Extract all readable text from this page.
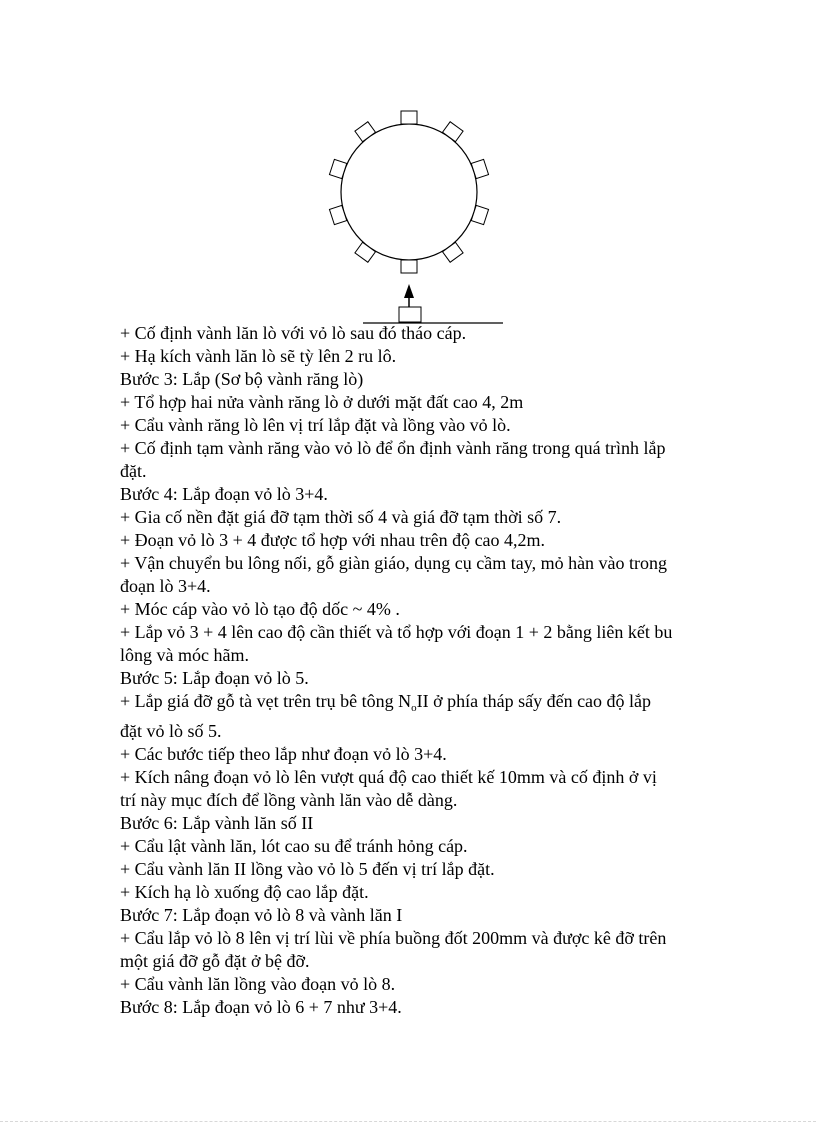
+ Cố định vành lăn lò với vỏ lò sau đó tháo cáp.

+ Hạ kích vành lăn lò sẽ tỳ lên 2 ru lô.

Bước 3: Lắp (Sơ bộ vành răng lò)

+ Tổ hợp hai nửa vành răng lò ở dưới mặt đất cao 4, 2m

+ Cẩu vành răng lò lên vị trí lắp đặt và lồng vào vỏ lò.

+ Cố định tạm vành răng vào vỏ lò để ổn định vành răng trong quá trình lắp

đặt.

Bước 4: Lắp đoạn vỏ lò 3+4.

+ Gia cố nền đặt giá đỡ tạm thời số 4 và giá đỡ tạm thời số 7.

+ Đoạn vỏ lò 3 + 4 được tổ hợp với nhau trên độ cao 4,2m.

+ Vận chuyển bu lông nối, gỗ giàn giáo, dụng cụ cầm tay, mỏ hàn vào trong

đoạn lò 3+4.

+ Móc cáp vào vỏ lò tạo độ dốc ~ 4% .

+ Lắp vỏ 3 + 4 lên cao độ cần thiết và tổ hợp với đoạn 1 + 2 bằng liên kết bu

lông và móc hãm.

Bước 5: Lắp đoạn vỏ lò 5.

+ Lắp giá đỡ gỗ tà vẹt trên trụ bê tông $N_oII$ ở phía tháp sấy đến cao độ lắp

đặt vỏ lò số 5.

+ Các bước tiếp theo lắp như đoạn vỏ lò 3+4.

+ Kích nâng đoạn vỏ lò lên vượt quá độ cao thiết kế 10mm và cố định ở vị

trí này mục đích để lồng vành lăn vào dễ dàng.

Bước 6: Lắp vành lăn số II

+ Cẩu lật vành lăn, lót cao su để tránh hỏng cáp.

+ Cẩu vành lăn II lồng vào vỏ lò 5 đến vị trí lắp đặt.

+ Kích hạ lò xuống độ cao lắp đặt.

Bước 7: Lắp đoạn vỏ lò 8 và vành lăn I

+ Cẩu lắp vỏ lò 8 lên vị trí lùi về phía buồng đốt 200mm và được kê đỡ trên

một giá đỡ gỗ đặt ở bệ đỡ.

+ Cẩu vành lăn lồng vào đoạn vỏ lò 8.

Bước 8: Lắp đoạn vỏ lò 6 + 7 như 3+4.
